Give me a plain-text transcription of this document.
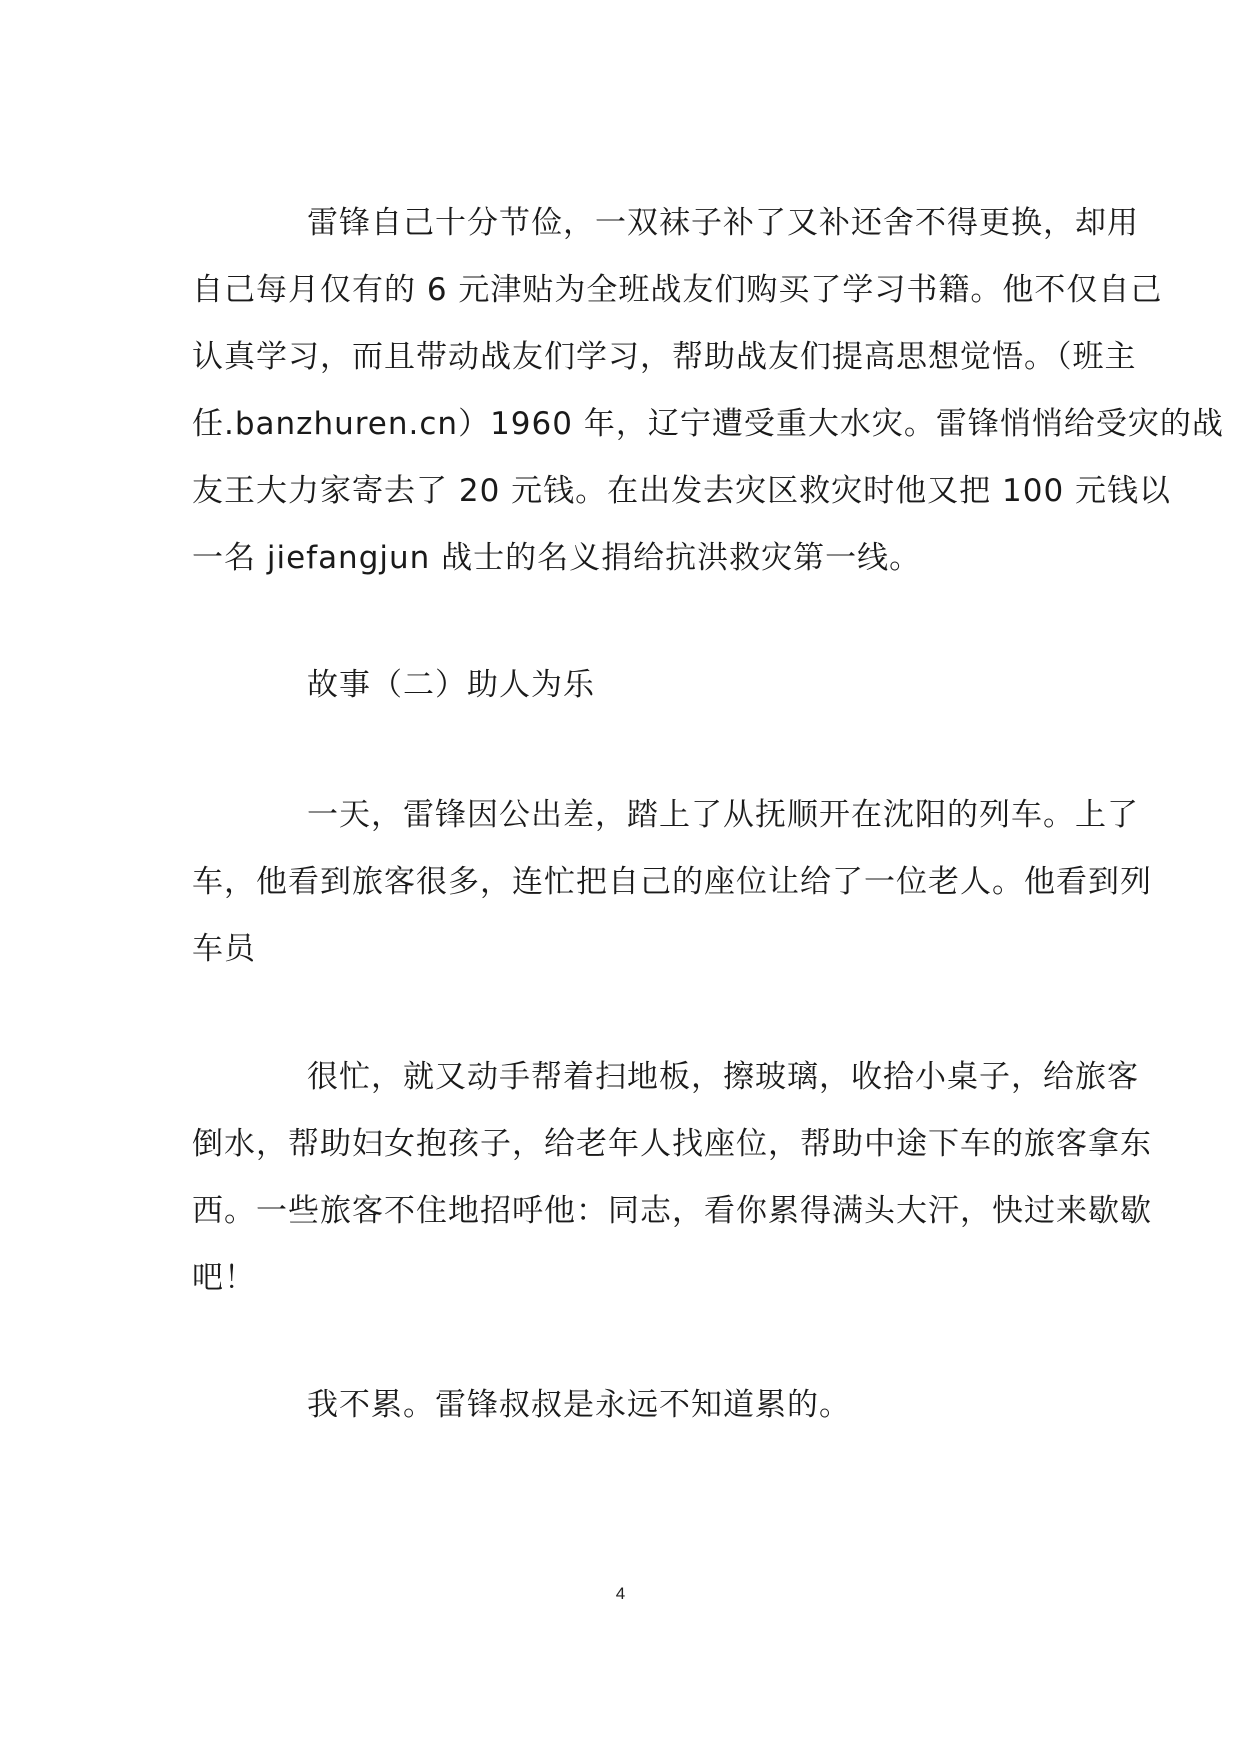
雷锋自己十分节俭，一双袜子补了又补还舍不得更换，却用
自己每月仅有的 6 元津贴为全班战友们购买了学习书籍。他不仅自己
认真学习，而且带动战友们学习，帮助战友们提高思想觉悟。（班主
任.banzhuren.cn）1960 年，辽宁遭受重大水灾。雷锋悄悄给受灾的战
友王大力家寄去了 20 元钱。在出发去灾区救灾时他又把 100 元钱以
一名 jiefangjun 战士的名义捐给抗洪救灾第一线。
故事（二）助人为乐
一天，雷锋因公出差，踏上了从抚顺开在沈阳的列车。上了
车，他看到旅客很多，连忙把自己的座位让给了一位老人。他看到列
车员
很忙，就又动手帮着扫地板，擦玻璃，收拾小桌子，给旅客
倒水，帮助妇女抱孩子，给老年人找座位，帮助中途下车的旅客拿东
西。一些旅客不住地招呼他：同志，看你累得满头大汗，快过来歇歇
吧！
我不累。雷锋叔叔是永远不知道累的。
4
